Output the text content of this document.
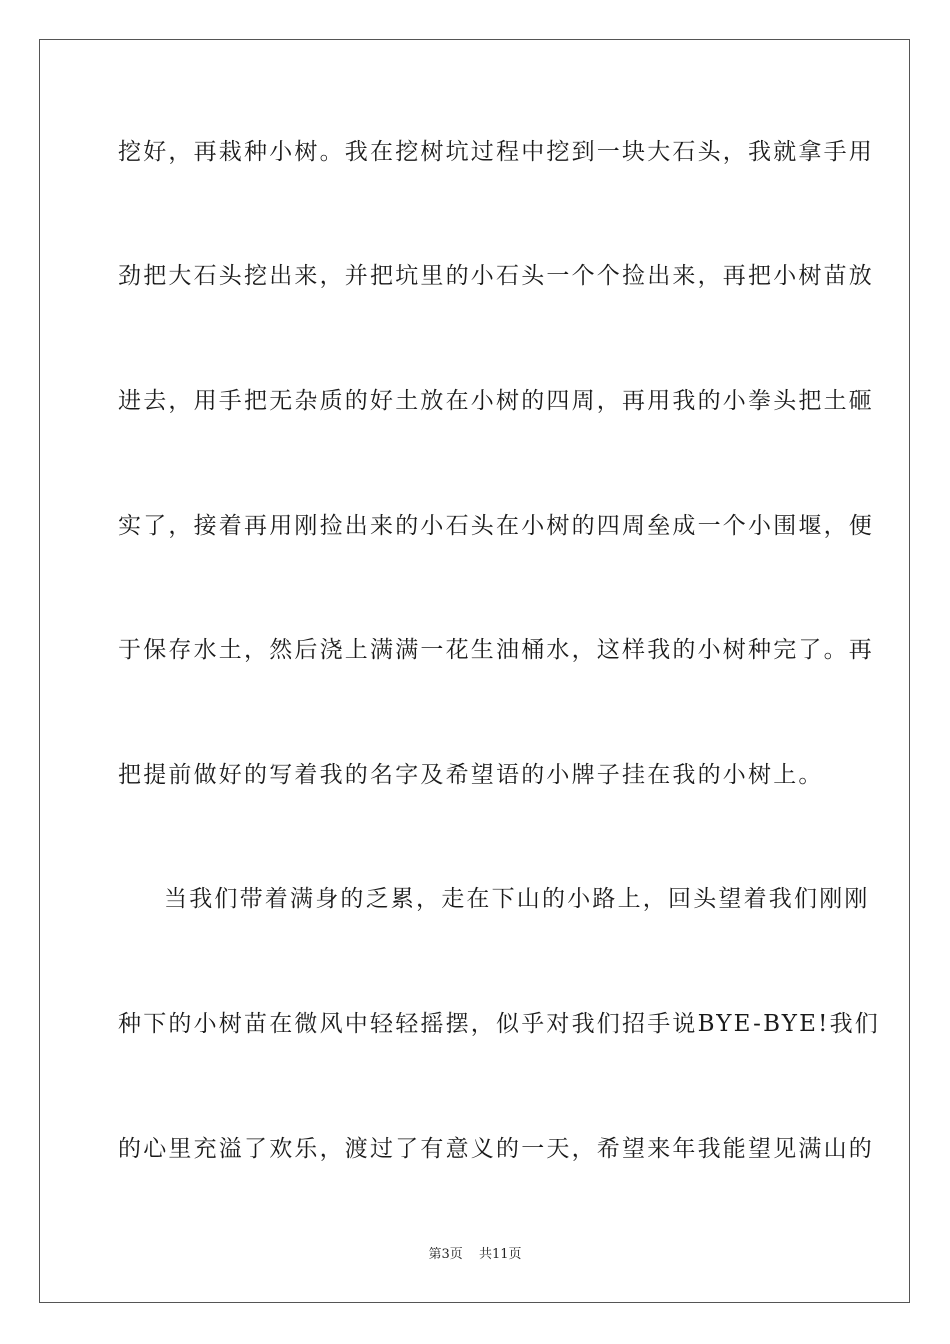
挖好，再栽种小树。我在挖树坑过程中挖到一块大石头，我就拿手用
劲把大石头挖出来，并把坑里的小石头一个个捡出来，再把小树苗放
进去，用手把无杂质的好土放在小树的四周，再用我的小拳头把土砸
实了，接着再用刚捡出来的小石头在小树的四周垒成一个小围堰，便
于保存水土，然后浇上满满一花生油桶水，这样我的小树种完了。再
把提前做好的写着我的名字及希望语的小牌子挂在我的小树上。
当我们带着满身的乏累，走在下山的小路上，回头望着我们刚刚
种下的小树苗在微风中轻轻摇摆，似乎对我们招手说BYE-BYE!我们
的心里充溢了欢乐，渡过了有意义的一天，希望来年我能望见满山的
第3页 共11页
